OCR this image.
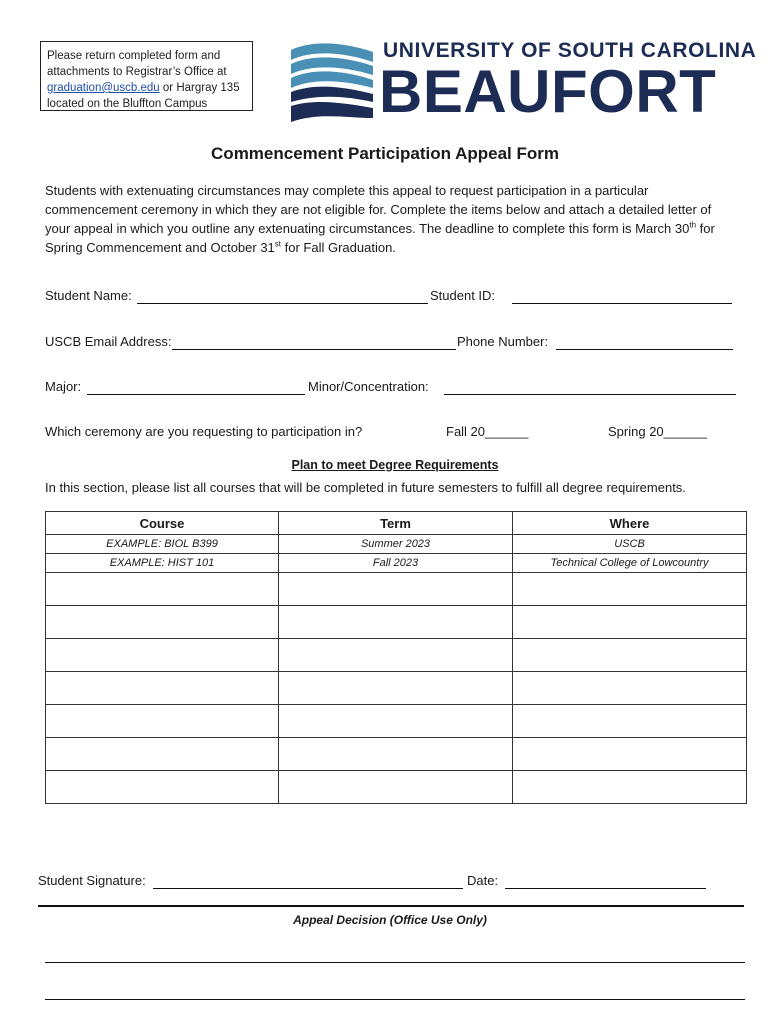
Please return completed form and
attachments to Registrar’s Office at
graduation@uscb.edu or Hargray 135
located on the Bluffton Campus
UNIVERSITY OF SOUTH CAROLINA
BEAUFORT
Commencement Participation Appeal Form
Students with extenuating circumstances may complete this appeal to request participation in a particular commencement ceremony in which they are not eligible for. Complete the items below and attach a detailed letter of your appeal in which you outline any extenuating circumstances. The deadline to complete this form is March 30th for Spring Commencement and October 31st for Fall Graduation.
Student Name:	Student ID:
USCB Email Address:	Phone Number:
Major:	Minor/Concentration:
Which ceremony are you requesting to participation in?	Fall 20______	Spring 20______
Plan to meet Degree Requirements
In this section, please list all courses that will be completed in future semesters to fulfill all degree requirements.
Course	Term	Where
EXAMPLE: BIOL B399	Summer 2023	USCB
EXAMPLE: HIST 101	Fall 2023	Technical College of Lowcountry

Student Signature:	Date:
Appeal Decision (Office Use Only)
